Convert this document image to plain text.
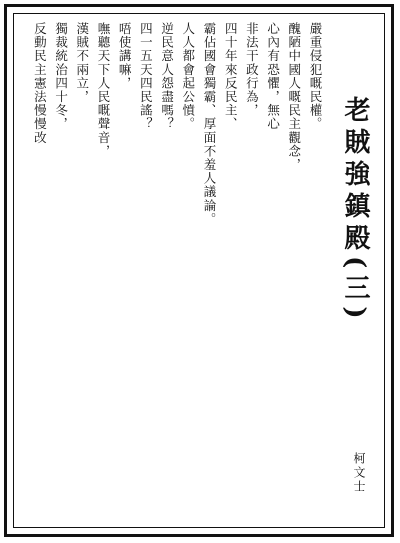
老賊強鎮殿(三)
柯文士
嚴重侵犯嘅民權。
醜陋中國人嘅民主觀念，
心內有恐懼，無心
非法干政行為，
四十年來反民主、
霸佔國會獨霸、厚面不羞人議論。
人人都會起公憤。
逆民意人怨盡嗎？
四一五天四民謠？
唔使講嘛，
嘸聽天下人民嘅聲音，
漢賊不兩立，
獨裁統治四十冬，
反動民主憲法慢慢改
